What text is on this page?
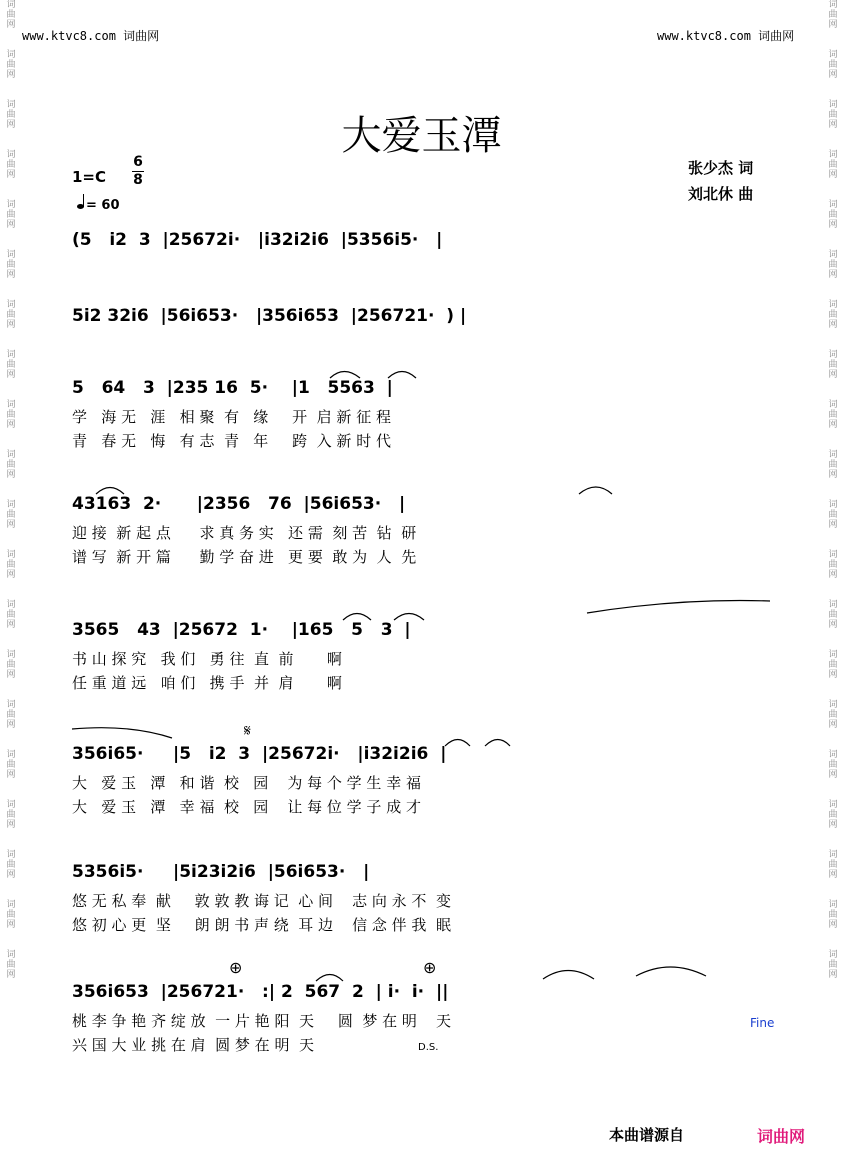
词
曲
网

词
曲
网

词
曲
网

词
曲
网

词
曲
网

词
曲
网

词
曲
网

词
曲
网

词
曲
网

词
曲
网

词
曲
网

词
曲
网

词
曲
网

词
曲
网

词
曲
网

词
曲
网

词
曲
网

词
曲
网

词
曲
网

词
曲
网
词
曲
网

词
曲
网

词
曲
网

词
曲
网

词
曲
网

词
曲
网

词
曲
网

词
曲
网

词
曲
网

词
曲
网

词
曲
网

词
曲
网

词
曲
网

词
曲
网

词
曲
网

词
曲
网

词
曲
网

词
曲
网

词
曲
网

词
曲
网
www.ktvc8.com 词曲网	www.ktvc8.com 词曲网
大爱玉潭
1=C
6
8
= 60
张少杰 词
刘北休 曲
(5   i2  3  |25672i·   |i32i2i6  |5356i5·   |
5i2 32i6  |56i653·   |356i653  |256721·  ) |
5   64   3  |235 16  5·    |1   5563  |
学   海 无   涯   相 聚  有   缘     开  启 新 征 程
青   春 无   悔   有 志  青   年     跨  入 新 时 代
43163  2·      |2356   76  |56i653·   |
迎 接  新 起 点      求 真 务 实   还 需  刻 苦  钻  研
谱 写  新 开 篇      勤 学 奋 进   更 要  敢 为  人  先
3565   43  |25672  1·    |165   5   3  |
书 山 探 究   我 们   勇 往  直  前       啊
任 重 道 远   咱 们   携 手  并  肩       啊
356i65·     |5   i2  3  |25672i·   |i32i2i6  |
大   爱 玉   潭   和 谐  校   园    为 每 个 学 生 幸 福
大   爱 玉   潭   幸 福  校   园    让 每 位 学 子 成 才
5356i5·     |5i23i2i6  |56i653·   |
悠 无 私 奉  献     敦 敦 教 诲 记  心 间    志 向 永 不  变
悠 初 心 更  坚     朗 朗 书 声 绕  耳 边    信 念 伴 我  眠
356i653  |256721·   :| 2  567  2  | i·  i·  ||
桃 李 争 艳 齐 绽 放  一 片 艳 阳  天     圆  梦 在 明    天
兴 国 大 业 挑 在 肩  圆 梦 在 明  天
𝄋
⊕	⊕
Fine
D.S.
本曲谱源自	词曲网
